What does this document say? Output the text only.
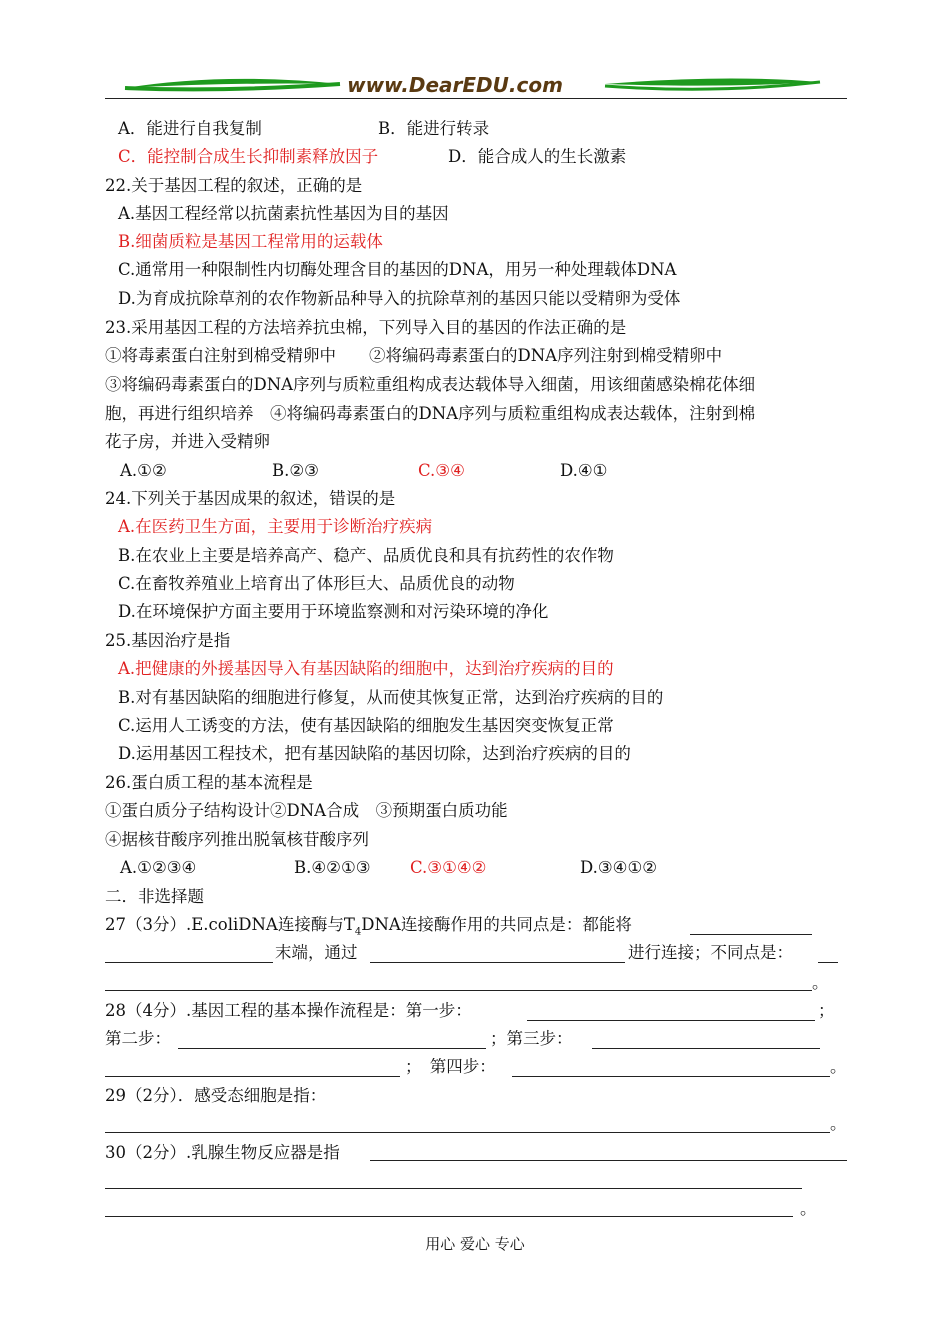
www.DearEDU.com
A．能进行自我复制	B．能进行转录
C．能控制合成生长抑制素释放因子	D．能合成人的生长激素
22.关于基因工程的叙述，正确的是
A.基因工程经常以抗菌素抗性基因为目的基因
B.细菌质粒是基因工程常用的运载体
C.通常用一种限制性内切酶处理含目的基因的DNA，用另一种处理载体DNA
D.为育成抗除草剂的农作物新品种导入的抗除草剂的基因只能以受精卵为受体
23.采用基因工程的方法培养抗虫棉，下列导入目的基因的作法正确的是
①将毒素蛋白注射到棉受精卵中　　②将编码毒素蛋白的DNA序列注射到棉受精卵中
③将编码毒素蛋白的DNA序列与质粒重组构成表达载体导入细菌，用该细菌感染棉花体细
胞，再进行组织培养　④将编码毒素蛋白的DNA序列与质粒重组构成表达载体，注射到棉
花子房，并进入受精卵
A.①②	B.②③	C.③④	D.④①
24.下列关于基因成果的叙述，错误的是
A.在医药卫生方面，主要用于诊断治疗疾病
B.在农业上主要是培养高产、稳产、品质优良和具有抗药性的农作物
C.在畜牧养殖业上培育出了体形巨大、品质优良的动物
D.在环境保护方面主要用于环境监察测和对污染环境的净化
25.基因治疗是指
A.把健康的外援基因导入有基因缺陷的细胞中，达到治疗疾病的目的
B.对有基因缺陷的细胞进行修复，从而使其恢复正常，达到治疗疾病的目的
C.运用人工诱变的方法，使有基因缺陷的细胞发生基因突变恢复正常
D.运用基因工程技术，把有基因缺陷的基因切除，达到治疗疾病的目的
26.蛋白质工程的基本流程是
①蛋白质分子结构设计②DNA合成　③预期蛋白质功能
④据核苷酸序列推出脱氧核苷酸序列
A.①②③④	B.④②①③ C.③①④②	D.③④①②
二．非选择题
27（3分）.E.coliDNA连接酶与$T_4DNA$连接酶作用的共同点是：都能将
末端，通过	进行连接；不同点是：
。
28（4分）.基因工程的基本操作流程是：第一步：	；
第二步：	；第三步：
；　第四步：	。
29（2分）．感受态细胞是指：
。
30（2分）.乳腺生物反应器是指
。
用心 爱心 专心
